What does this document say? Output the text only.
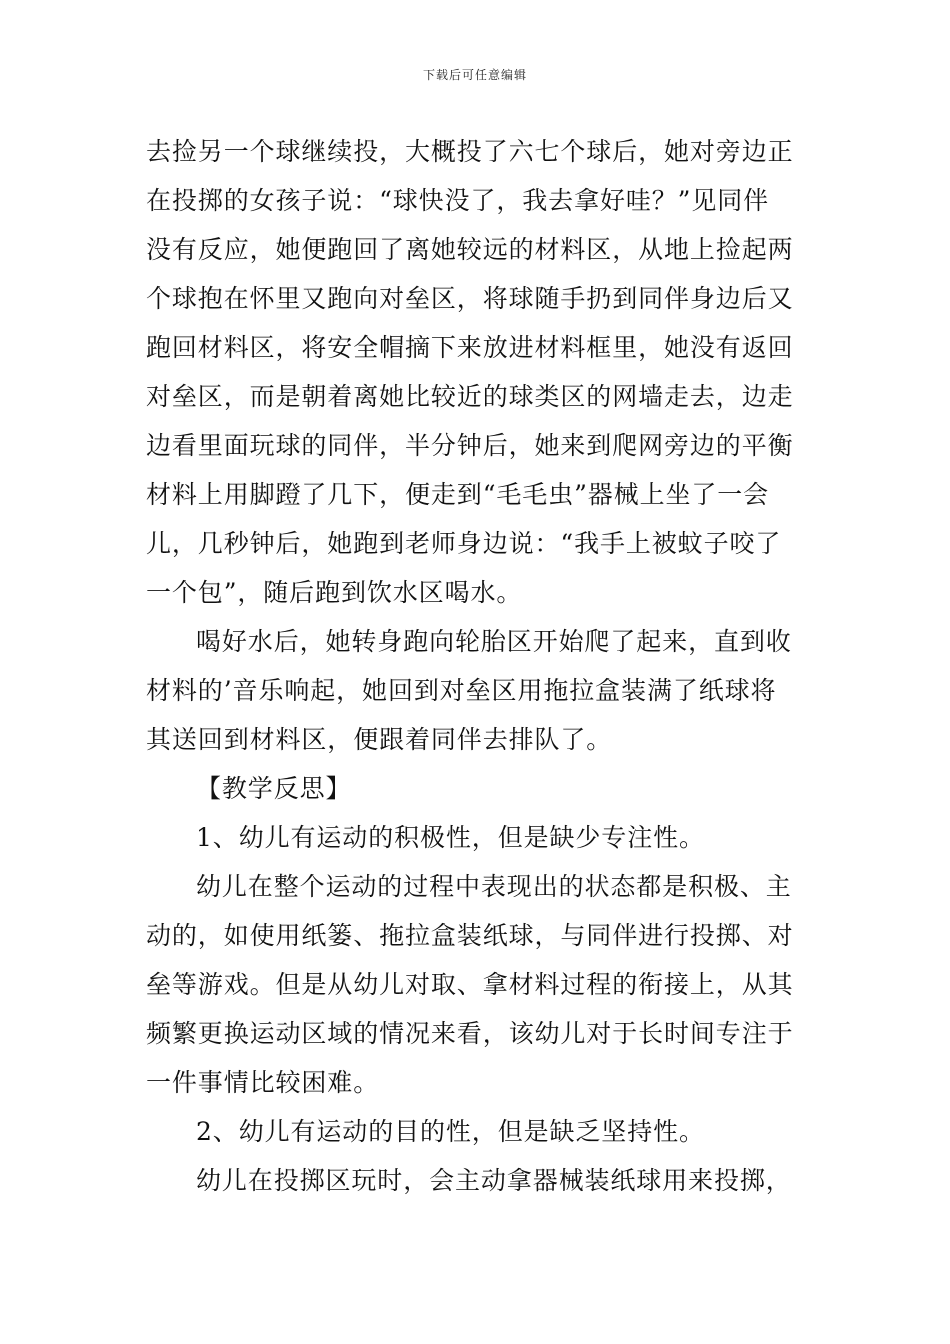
下载后可任意编辑
去捡另一个球继续投，大概投了六七个球后，她对旁边正
在投掷的女孩子说：“球快没了，我去拿好哇？”见同伴
没有反应，她便跑回了离她较远的材料区，从地上捡起两
个球抱在怀里又跑向对垒区，将球随手扔到同伴身边后又
跑回材料区，将安全帽摘下来放进材料框里，她没有返回
对垒区，而是朝着离她比较近的球类区的网墙走去，边走
边看里面玩球的同伴，半分钟后，她来到爬网旁边的平衡
材料上用脚蹬了几下，便走到“毛毛虫”器械上坐了一会
儿，几秒钟后，她跑到老师身边说：“我手上被蚊子咬了
一个包”，随后跑到饮水区喝水。
喝好水后，她转身跑向轮胎区开始爬了起来，直到收
材料的’音乐响起，她回到对垒区用拖拉盒装满了纸球将
其送回到材料区，便跟着同伴去排队了。
【教学反思】
1、幼儿有运动的积极性，但是缺少专注性。
幼儿在整个运动的过程中表现出的状态都是积极、主
动的，如使用纸篓、拖拉盒装纸球，与同伴进行投掷、对
垒等游戏。但是从幼儿对取、拿材料过程的衔接上，从其
频繁更换运动区域的情况来看，该幼儿对于长时间专注于
一件事情比较困难。
2、幼儿有运动的目的性，但是缺乏坚持性。
幼儿在投掷区玩时，会主动拿器械装纸球用来投掷，
